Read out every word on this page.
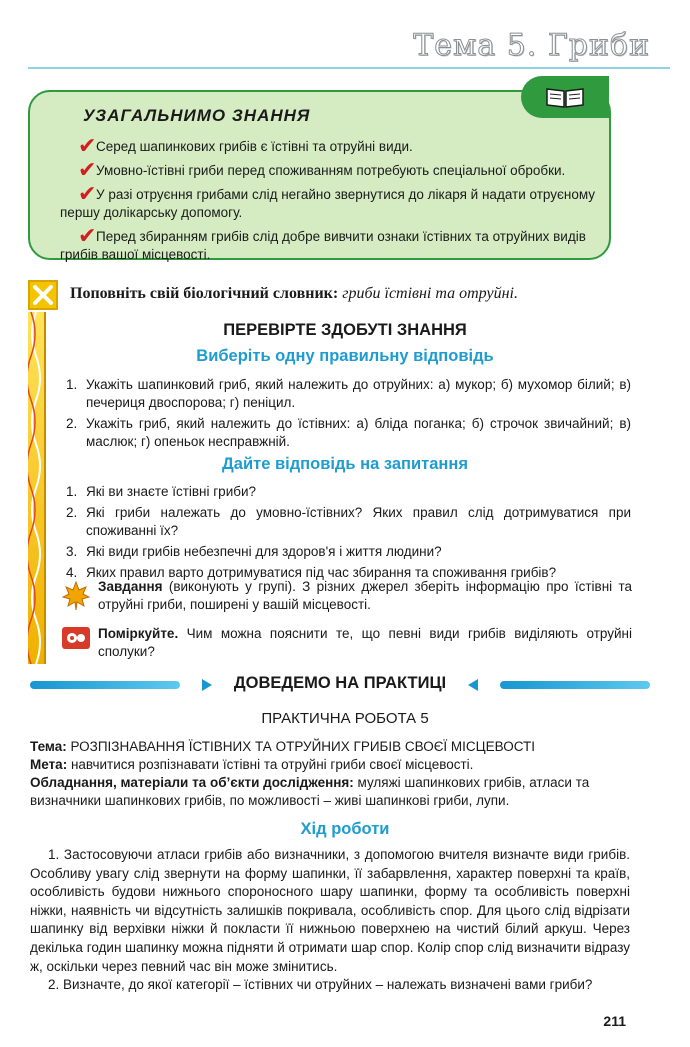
Тема 5. Гриби
УЗАГАЛЬНИМО ЗНАННЯ
✔ Серед шапинкових грибів є їстівні та отруйні види.
✔ Умовно-їстівні гриби перед споживанням потребують спеціальної обробки.
✔ У разі отруєння грибами слід негайно звернутися до лікаря й надати отруєному першу долікарську допомогу.
✔ Перед збиранням грибів слід добре вивчити ознаки їстівних та отруйних видів грибів вашої місцевості.

Поповніть свій біологічний словник: гриби їстівні та отруйні.

ПЕРЕВІРТЕ ЗДОБУТІ ЗНАННЯ
Виберіть одну правильну відповідь
1. Укажіть шапинковий гриб, який належить до отруйних: а) мукор; б) мухомор білий; в) печериця двоспорова; г) пеніцил.
2. Укажіть гриб, який належить до їстівних: а) бліда поганка; б) строчок звичайний; в) маслюк; г) опеньок несправжній.
Дайте відповідь на запитання
1. Які ви знаєте їстівні гриби?
2. Які гриби належать до умовно-їстівних? Яких правил слід дотримуватися при споживанні їх?
3. Які види грибів небезпечні для здоров'я і життя людини?
4. Яких правил варто дотримуватися під час збирання та споживання грибів?
Завдання (виконують у групі). З різних джерел зберіть інформацію про їстівні та отруйні гриби, поширені у вашій місцевості.
Поміркуйте. Чим можна пояснити те, що певні види грибів виділяють отруйні сполуки?
ДОВЕДЕМО НА ПРАКТИЦІ

ПРАКТИЧНА РОБОТА 5

Тема: РОЗПІЗНАВАННЯ ЇСТІВНИХ ТА ОТРУЙНИХ ГРИБІВ СВОЄЇ МІСЦЕВОСТІ

Мета: навчитися розпізнавати їстівні та отруйні гриби своєї місцевості.

Обладнання, матеріали та об’єкти дослідження: муляжі шапинкових грибів, атласи та визначники шапинкових грибів, по можливості – живі шапинкові гриби, лупи.

Хід роботи

1. Застосовуючи атласи грибів або визначники, з допомогою вчителя визначте види грибів. Особливу увагу слід звернути на форму шапинки, її забарвлення, характер поверхні та країв, особливість будови нижнього спороносного шару шапинки, форму та особливість поверхні ніжки, наявність чи відсутність залишків покривала, особливість спор. Для цього слід відрізати шапинку від верхівки ніжки й покласти її нижньою поверхнею на чистий білий аркуш. Через декілька годин шапинку можна підняти й отримати шар спор. Колір спор слід визначити відразу ж, оскільки через певний час він може змінитись.

2. Визначте, до якої категорії – їстівних чи отруйних – належать визначені вами гриби?

211
